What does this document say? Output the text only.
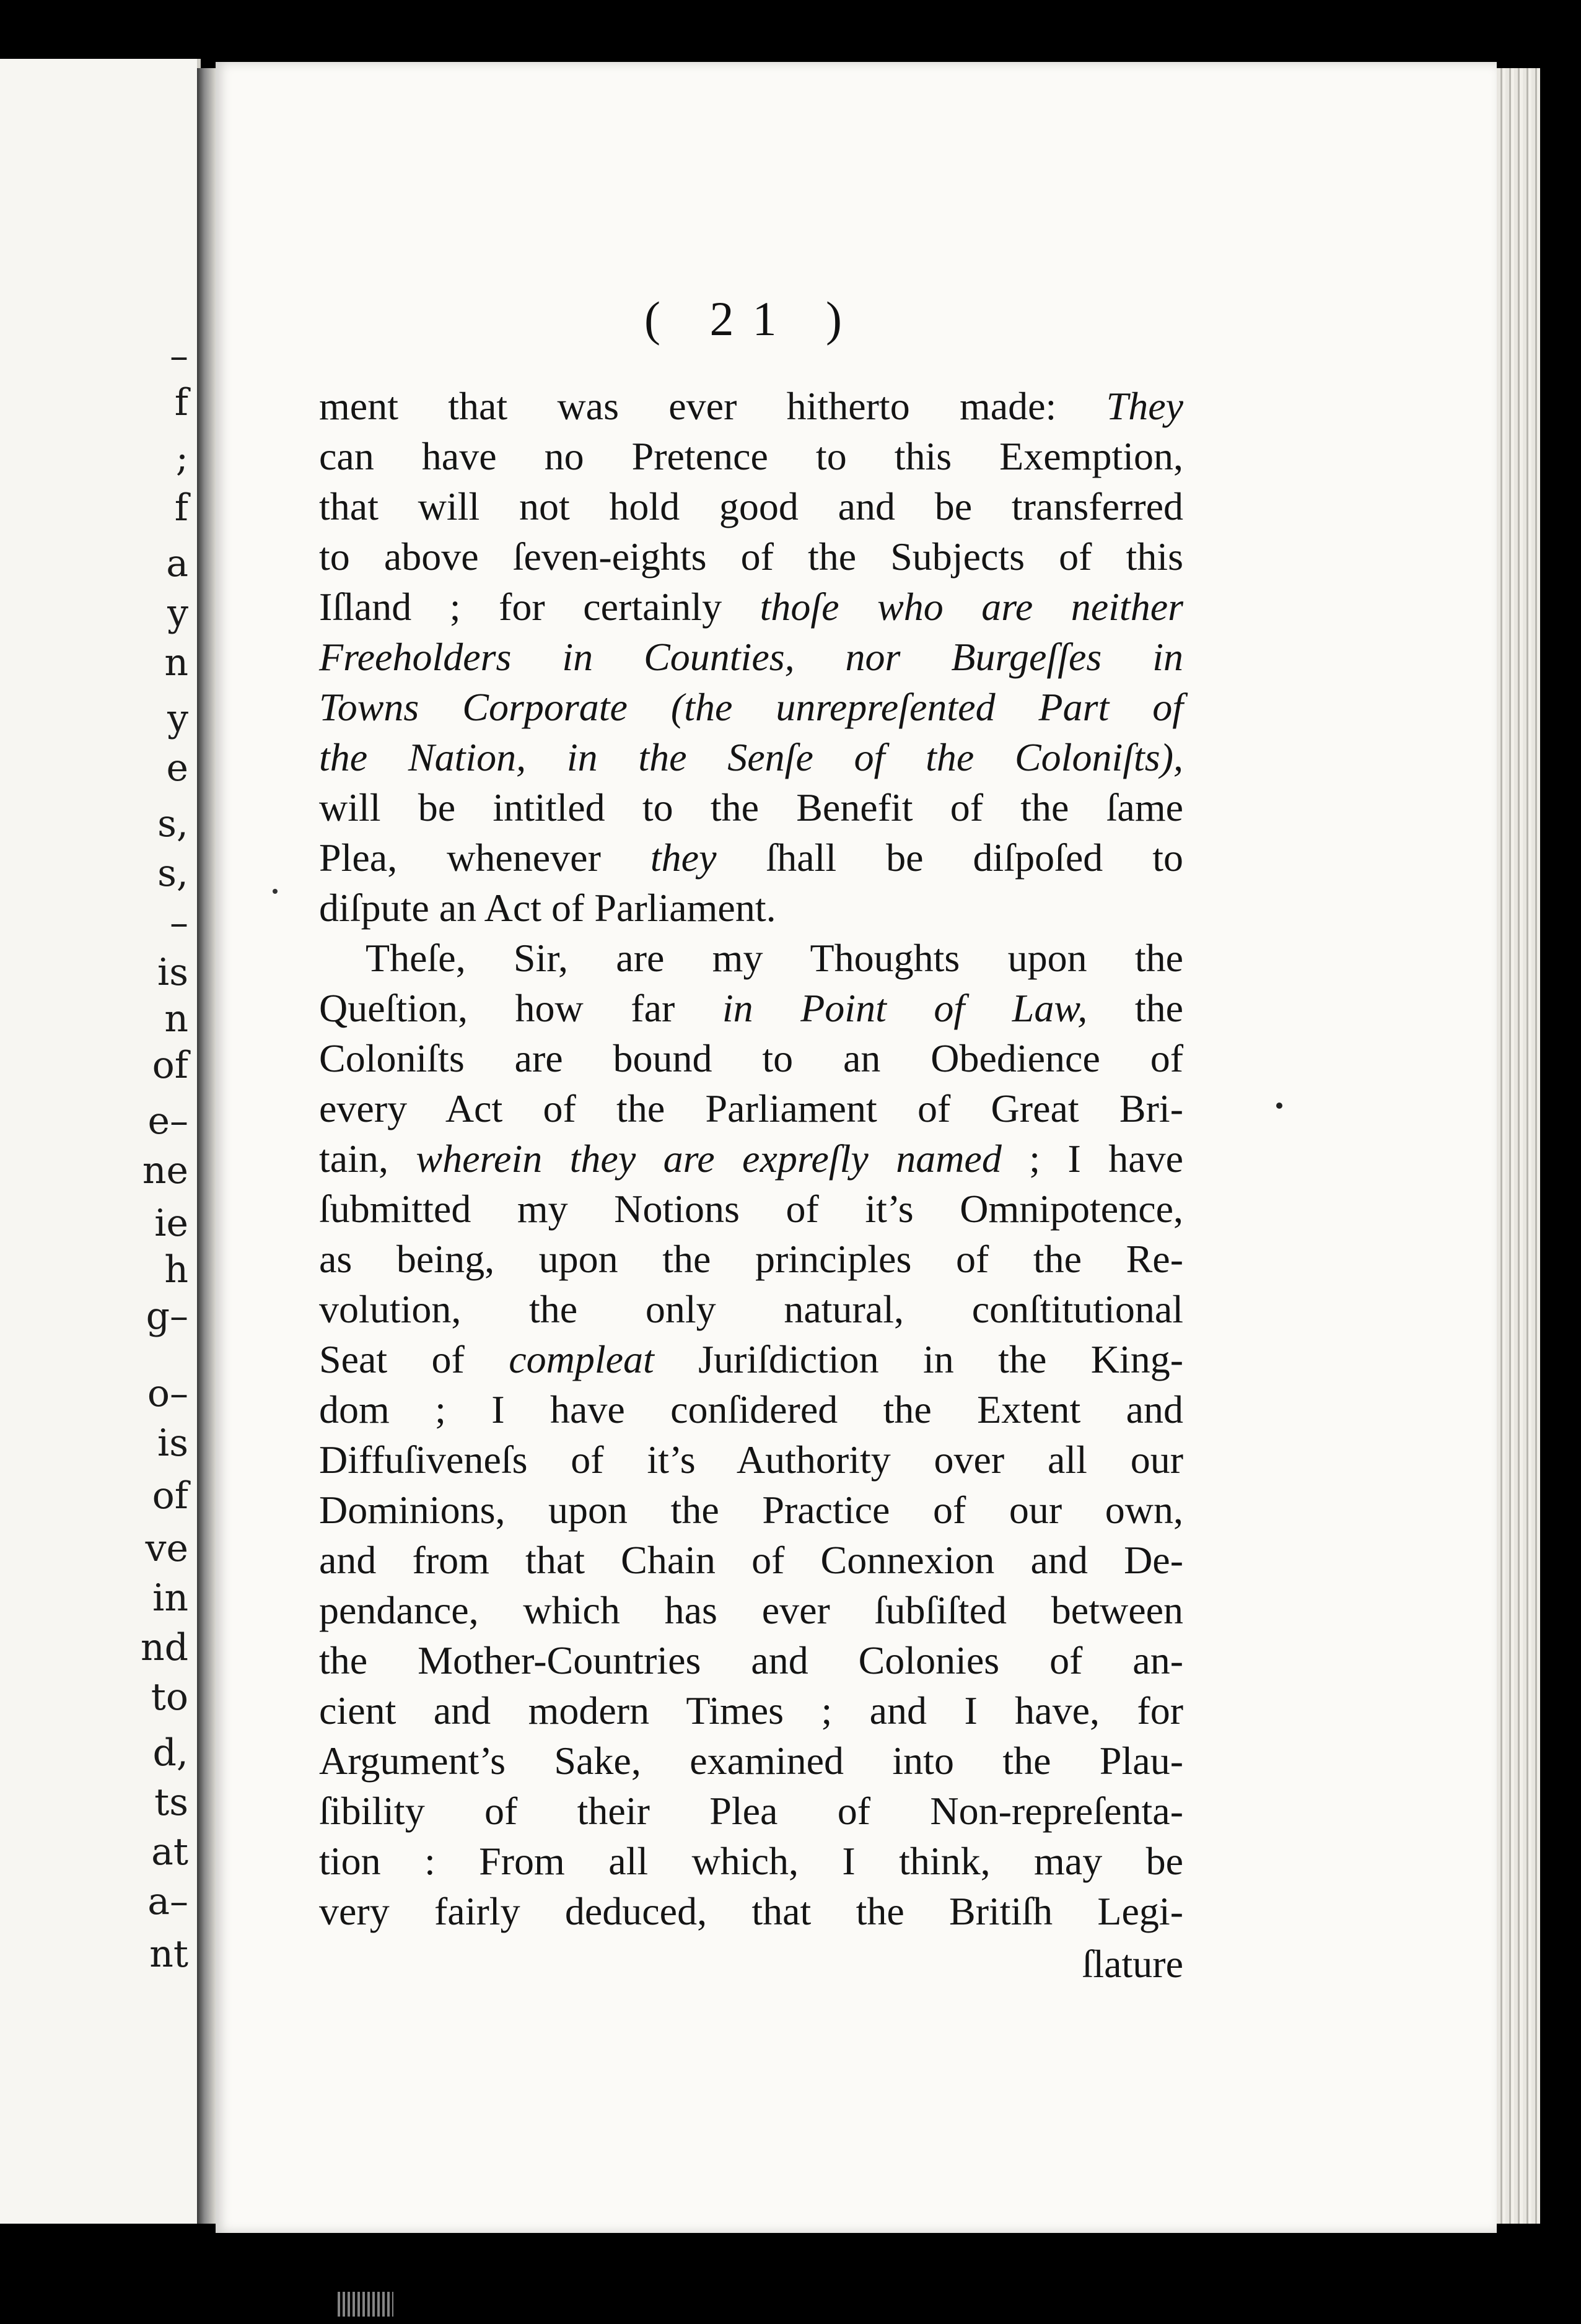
–
f
;
f
a
y
n
y
e
s,
s,
–
is
n
of
e–
ne
ie
h
g–
o–
is
of
ve
in
nd
to
d,
ts
at
a–
nt
( 21 )
ment that was ever hitherto made: They
can have no Pretence to this Exemption,
that will not hold good and be transferred
to above ſeven-eights of the Subjects of this
Iſland ; for certainly thoſe who are neither
Freeholders in Counties, nor Burgeſſes in
Towns Corporate (the unrepreſented Part of
the Nation, in the Senſe of the Coloniſts),
will be intitled to the Benefit of the ſame
Plea, whenever they ſhall be diſpoſed to
diſpute an Act of Parliament.
Theſe, Sir, are my Thoughts upon the
Queſtion, how far in Point of Law, the
Coloniſts are bound to an Obedience of
every Act of the Parliament of Great Bri-
tain, wherein they are expreſly named ; I have
ſubmitted my Notions of it’s Omnipotence,
as being, upon the principles of the Re-
volution, the only natural, conſtitutional
Seat of compleat Juriſdiction in the King-
dom ; I have conſidered the Extent and
Diffuſiveneſs of it’s Authority over all our
Dominions, upon the Practice of our own,
and from that Chain of Connexion and De-
pendance, which has ever ſubſiſted between
the Mother-Countries and Colonies of an-
cient and modern Times ; and I have, for
Argument’s Sake, examined into the Plau-
ſibility of their Plea of Non-repreſenta-
tion : From all which, I think, may be
very fairly deduced, that the Britiſh Legi-
ſlature
